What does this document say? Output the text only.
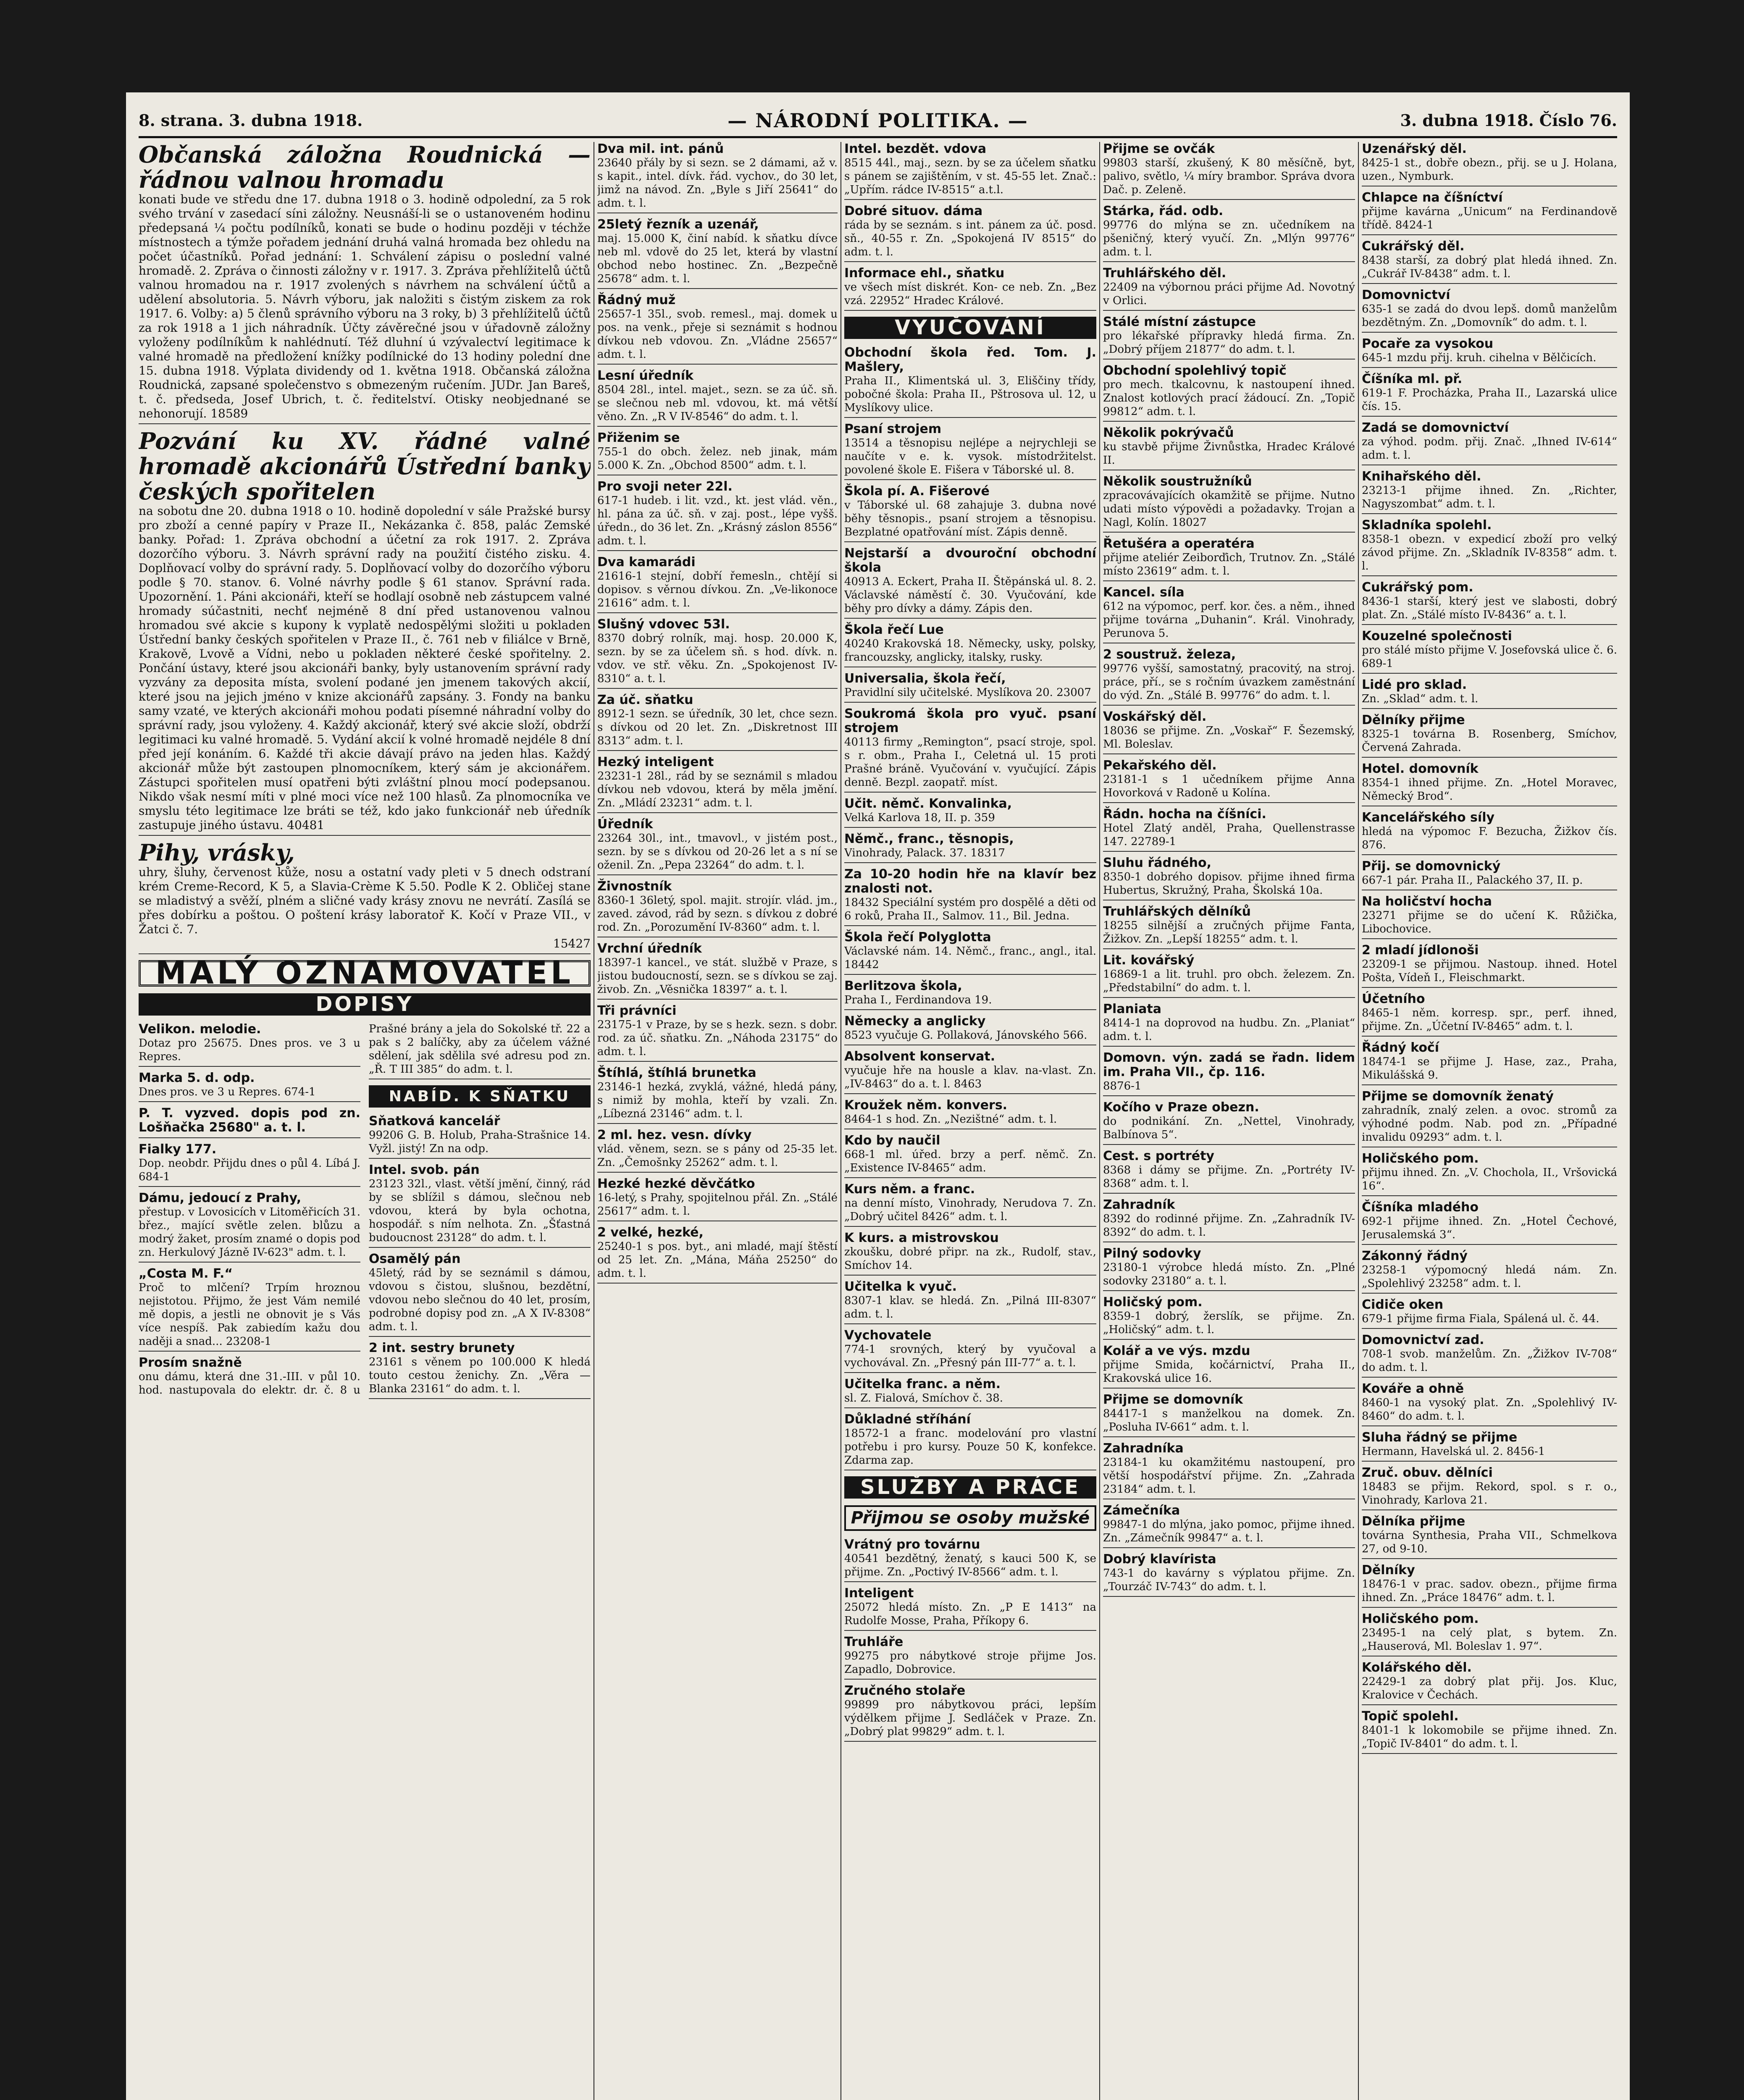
8. strana. 3. dubna 1918.	— NÁRODNÍ POLITIKA. —	3. dubna 1918. Číslo 76.
Občanská záložna Roudnická — řádnou valnou hromadu
konati bude ve středu dne 17. dubna 1918 o 3. hodině odpolední, za 5 rok svého trvání v zasedací síni záložny. Neusnáší-li se o ustanoveném hodinu předepsaná ¼ počtu podílníků, konati se bude o hodinu později v téchže místnostech a týmže pořadem jednání druhá valná hromada bez ohledu na počet účastníků. Pořad jednání: 1. Schválení zápisu o poslední valné hromadě. 2. Zpráva o činnosti záložny v r. 1917. 3. Zpráva přehlížitelů účtů valnou hromadou na r. 1917 zvolených s návrhem na schválení účtů a udělení absolutoria. 5. Návrh výboru, jak naložiti s čistým ziskem za rok 1917. 6. Volby: a) 5 členů správního výboru na 3 roky, b) 3 přehlížitelů účtů za rok 1918 a 1 jich náhradník. Účty závěrečné jsou v úřadovně záložny vyloženy podílníkům k nahlédnutí. Též dluhní ú vzývalectví legitimace k valné hromadě na předložení knížky podílnické do 13 hodiny polední dne 15. dubna 1918. Výplata dividendy od 1. května 1918. Občanská záložna Roudnická, zapsané společenstvo s obmezeným ručením. JUDr. Jan Bareš, t. č. předseda, Josef Ubrich, t. č. ředitelství. Otisky neobjednané se nehonorují. 18589
Pozvání ku XV. řádné valné hromadě akcionářů Ústřední banky českých spořitelen
na sobotu dne 20. dubna 1918 o 10. hodině dopolední v sále Pražské bursy pro zboží a cenné papíry v Praze II., Nekázanka č. 858, palác Zemské banky. Pořad: 1. Zpráva obchodní a účetní za rok 1917. 2. Zpráva dozorčího výboru. 3. Návrh správní rady na použití čistého zisku. 4. Doplňovací volby do správní rady. 5. Doplňovací volby do dozorčího výboru podle § 70. stanov. 6. Volné návrhy podle § 61 stanov. Správní rada. Upozornění. 1. Páni akcionáři, kteří se hodlají osobně neb zástupcem valné hromady súčastniti, nechť nejméně 8 dní před ustanovenou valnou hromadou své akcie s kupony k vyplatě nedospělými složiti u pokladen Ústřední banky českých spořitelen v Praze II., č. 761 neb v filiálce v Brně, Krakově, Lvově a Vídni, nebo u pokladen některé české spořitelny. 2. Pončání ústavy, které jsou akcionáři banky, byly ustanovením správní rady vyzvány za deposita místa, svolení podané jen jmenem takových akcií, které jsou na jejich jméno v knize akcionářů zapsány. 3. Fondy na banku samy vzaté, ve kterých akcionáři mohou podati písemné náhradní volby do správní rady, jsou vyloženy. 4. Každý akcionář, který své akcie složí, obdrží legitimaci ku valné hromadě. 5. Vydání akcií k volné hromadě nejdéle 8 dní před její konáním. 6. Každé tři akcie dávají právo na jeden hlas. Každý akcionář může být zastoupen plnomocníkem, který sám je akcionářem. Zástupci spořitelen musí opatřeni býti zvláštní plnou mocí podepsanou. Nikdo však nesmí míti v plné moci více než 100 hlasů. Za plnomocníka ve smyslu této legitimace lze bráti se též, kdo jako funkcionář neb úředník zastupuje jiného ústavu. 40481
Pihy, vrásky,
uhry, šluhy, červenost kůže, nosu a ostatní vady pleti v 5 dnech odstraní krém Creme-Record, K 5, a Slavia-Crème K 5.50. Podle K 2. Obličej stane se mladistvý a svěží, plném a sličné vady krásy znovu ne nevrátí. Zasílá se přes dobírku a poštou. O poštení krásy laboratoř K. Kočí v Praze VII., v Žatci č. 7.
15427
MALÝ OZNAMOVATEL
DOPISY
Velikon. melodie.
Dotaz pro 25675. Dnes pros. ve 3 u Repres.
Marka 5. d. odp.
Dnes pros. ve 3 u Repres. 674-1
P. T. vyzved. dopis pod zn. Lošňačka 25680" a. t. l.
Fialky 177.
Dop. neobdr. Přijdu dnes o půl 4. Líbá J. 684-1
Dámu, jedoucí z Prahy,
přestup. v Lovosicích v Litoměřicích 31. břez., mající světle zelen. blůzu a modrý žaket, prosím znamé o dopis pod zn. Herkulový Jázně IV-623" adm. t. l.
„Costa M. F.“
Proč to mlčení? Trpím hroznou nejistotou. Přijmo, že jest Vám nemilé mě dopis, a jestli ne obnovit je s Vás více nespíš. Pak zabiedím kažu dou naději a snad... 23208-1
Prosím snažně
onu dámu, která dne 31.-III. v půl 10. hod. nastupovala do elektr. dr. č. 8 u Prašné brány a jela do Sokolské tř. 22 a pak s 2 balíčky, aby za účelem vážné sdělení, jak sdělila své adresu pod zn. „Ř. T III 385“ do adm. t. l.
NABÍD. K SŇATKU
Sňatková kancelář
99206 G. B. Holub, Praha-Strašnice 14. Vyžl. jistý! Zn na odp.
Intel. svob. pán
23123 32l., vlast. větší jmění, činný, rád by se sblížil s dámou, slečnou neb vdovou, která by byla ochotna, hospodář. s ním nelhota. Zn. „Šťastná budoucnost 23128“ do adm. t. l.
Osamělý pán
45letý, rád by se seznámil s dámou, vdovou s čistou, slušnou, bezdětní, vdovou nebo slečnou do 40 let, prosím, podrobné dopisy pod zn. „A X IV-8308“ adm. t. l.
2 int. sestry brunety
23161 s věnem po 100.000 K hledá touto cestou ženichy. Zn. „Věra — Blanka 23161“ do adm. t. l.
Dva mil. int. pánů
23640 přály by si sezn. se 2 dámami, až v. s kapit., intel. dívk. řád. vychov., do 30 let, jimž na návod. Zn. „Byle s Jiří 25641“ do adm. t. l.
25letý řezník a uzenář,
maj. 15.000 K, činí nabíd. k sňatku dívce neb ml. vdově do 25 let, která by vlastní obchod nebo hostinec. Zn. „Bezpečně 25678“ adm. t. l.
Řádný muž
25657-1 35l., svob. remesl., maj. domek u pos. na venk., přeje si seznámit s hodnou dívkou neb vdovou. Zn. „Vládne 25657“ adm. t. l.
Lesní úředník
8504 28l., intel. majet., sezn. se za úč. sň. se slečnou neb ml. vdovou, kt. má větší věno. Zn. „R V IV-8546“ do adm. t. l.
Přiženim se
755-1 do obch. želez. neb jinak, mám 5.000 K. Zn. „Obchod 8500“ adm. t. l.
Pro svoji neter 22l.
617-1 hudeb. i lit. vzd., kt. jest vlád. věn., hl. pána za úč. sň. v zaj. post., lépe vyšš. úředn., do 36 let. Zn. „Krásný záslon 8556“ adm. t. l.
Dva kamarádi
21616-1 stejní, dobří řemesln., chtějí si dopisov. s věrnou dívkou. Zn. „Ve-likonoce 21616“ adm. t. l.
Slušný vdovec 53l.
8370 dobrý rolník, maj. hosp. 20.000 K, sezn. by se za účelem sň. s hod. dívk. n. vdov. ve stř. věku. Zn. „Spokojenost IV-8310“ a. t. l.
Za úč. sňatku
8912-1 sezn. se úředník, 30 let, chce sezn. s dívkou od 20 let. Zn. „Diskretnost III 8313“ adm. t. l.
Hezký inteligent
23231-1 28l., rád by se seznámil s mladou dívkou neb vdovou, která by měla jmění. Zn. „Mládí 23231“ adm. t. l.
Úředník
23264 30l., int., tmavovl., v jistém post., sezn. by se s dívkou od 20-26 let a s ní se oženil. Zn. „Pepa 23264“ do adm. t. l.
Živnostník
8360-1 36letý, spol. majit. strojír. vlád. jm., zaved. závod, rád by sezn. s dívkou z dobré rod. Zn. „Porozumění IV-8360“ adm. t. l.
Vrchní úředník
18397-1 kancel., ve stát. službě v Praze, s jistou budoucností, sezn. se s dívkou se zaj. živob. Zn. „Věsnička 18397“ a. t. l.
Tři právníci
23175-1 v Praze, by se s hezk. sezn. s dobr. rod. za úč. sňatku. Zn. „Náhoda 23175“ do adm. t. l.
Štíhlá, štíhlá brunetka
23146-1 hezká, zvyklá, vážné, hledá pány, s nimiž by mohla, kteří by vzali. Zn. „Líbezná 23146“ adm. t. l.
2 ml. hez. vesn. dívky
vlád. věnem, sezn. se s pány od 25-35 let. Zn. „Čemošnky 25262“ adm. t. l.
Hezké hezké děvčátko
16-letý, s Prahy, spojitelnou přál. Zn. „Stálé 25617“ adm. t. l.
2 velké, hezké,
25240-1 s pos. byt., ani mladé, mají štěstí od 25 let. Zn. „Mána, Máňa 25250“ do adm. t. l.
Intel. bezdět. vdova
8515 44l., maj., sezn. by se za účelem sňatku s pánem se zajištěním, v st. 45-55 let. Znač.: „Upřím. rádce IV-8515“ a.t.l.
Dobré situov. dáma
ráda by se seznám. s int. pánem za úč. posd. sň., 40-55 r. Zn. „Spokojená IV 8515“ do adm. t. l.
Informace ehl., sňatku
ve všech míst diskrét. Kon- ce neb. Zn. „Bez vzá. 22952“ Hradec Králové.
VYUČOVÁNÍ
Obchodní škola řed. Tom. J. Mašlery,
Praha II., Klimentská ul. 3, Eliščiny třídy, pobočné škola: Praha II., Pštrosova ul. 12, u Myslíkovy ulice.
Psaní strojem
13514 a těsnopisu nejlépe a nejrychleji se naučíte v e. k. vysok. místodržitelst. povolené škole E. Fišera v Táborské ul. 8.
Škola pí. A. Fišerové
v Táborské ul. 68 zahajuje 3. dubna nové běhy těsnopis., psaní strojem a těsnopisu. Bezplatné opatřování míst. Zápis denně.
Nejstarší a dvouroční obchodní škola
40913 A. Eckert, Praha II. Štěpánská ul. 8. 2. Václavské náměstí č. 30. Vyučování, kde běhy pro dívky a dámy. Zápis den.
Škola řečí Lue
40240 Krakovská 18. Německy, usky, polsky, francouzsky, anglicky, italsky, rusky.
Universalia, škola řečí,
Pravidlní sily učitelské. Myslíkova 20. 23007
Soukromá škola pro vyuč. psaní strojem
40113 firmy „Remington“, psací stroje, spol. s r. obm., Praha I., Celetná ul. 15 proti Prašné bráně. Vyučování v. vyučující. Zápis denně. Bezpl. zaopatř. míst.
Učit. němč. Konvalinka,
Velká Karlova 18, II. p. 359
Němč., franc., těsnopis,
Vinohrady, Palack. 37. 18317
Za 10-20 hodin hře na klavír bez znalosti not.
18432 Speciální systém pro dospělé a děti od 6 roků, Praha II., Salmov. 11., Bil. Jedna.
Škola řečí Polyglotta
Václavské nám. 14. Němč., franc., angl., ital. 18442
Berlitzova škola,
Praha I., Ferdinandova 19.
Německy a anglicky
8523 vyučuje G. Pollaková, Jánovského 566.
Absolvent konservat.
vyučuje hře na housle a klav. na-vlast. Zn. „IV-8463“ do a. t. l. 8463
Kroužek něm. konvers.
8464-1 s hod. Zn. „Nezištné“ adm. t. l.
Kdo by naučil
668-1 ml. úřed. brzy a perf. němč. Zn. „Existence IV-8465“ adm.
Kurs něm. a franc.
na denní místo, Vinohrady, Nerudova 7. Zn. „Dobrý učitel 8426“ adm. t. l.
K kurs. a mistrovskou
zkoušku, dobré připr. na zk., Rudolf, stav., Smíchov 14.
Učitelka k vyuč.
8307-1 klav. se hledá. Zn. „Pilná III-8307“ adm. t. l.
Vychovatele
774-1 srovných, který by vyučoval a vychovával. Zn. „Přesný pán III-77“ a. t. l.
Učitelka franc. a něm.
sl. Z. Fialová, Smíchov č. 38.
Důkladné stříhání
18572-1 a franc. modelování pro vlastní potřebu i pro kursy. Pouze 50 K, konfekce. Zdarma zap.
SLUŽBY A PRÁCE
Přijmou se osoby mužské
Vrátný pro továrnu
40541 bezdětný, ženatý, s kauci 500 K, se přijme. Zn. „Poctivý IV-8566“ adm. t. l.
Inteligent
25072 hledá místo. Zn. „P E 1413“ na Rudolfe Mosse, Praha, Příkopy 6.
Truhláře
99275 pro nábytkové stroje přijme Jos. Zapadlo, Dobrovice.
Zručného stolaře
99899 pro nábytkovou práci, lepším výdělkem přijme J. Sedláček v Praze. Zn. „Dobrý plat 99829“ adm. t. l.
Přijme se ovčák
99803 starší, zkušený, K 80 měsíčně, byt, palivo, světlo, ¼ míry brambor. Správa dvora Dač. p. Zeleně.
Stárka, řád. odb.
99776 do mlýna se zn. učedníkem na pšeničný, který vyučí. Zn. „Mlýn 99776“ adm. t. l.
Truhlářského děl.
22409 na výbornou práci přijme Ad. Novotný v Orlici.
Stálé místní zástupce
pro lékařské přípravky hledá firma. Zn. „Dobrý příjem 21877“ do adm. t. l.
Obchodní spolehlivý topič
pro mech. tkalcovnu, k nastoupení ihned. Znalost kotlových prací žádoucí. Zn. „Topič 99812“ adm. t. l.
Několik pokrývačů
ku stavbě přijme Živnůstka, Hradec Králové II.
Několik soustružníků
zpracovávajících okamžitě se přijme. Nutno udati místo výpovědi a požadavky. Trojan a Nagl, Kolín. 18027
Řetušéra a operatéra
přijme ateliér Zeiborďich, Trutnov. Zn. „Stálé místo 23619“ adm. t. l.
Kancel. síla
612 na výpomoc, perf. kor. čes. a něm., ihned přijme továrna „Duhanin“. Král. Vinohrady, Perunova 5.
2 soustruž. železa,
99776 vyšší, samostatný, pracovitý, na stroj. práce, pří., se s ročním úvazkem zaměstnání do výd. Zn. „Stálé B. 99776“ do adm. t. l.
Voskářský děl.
18036 se přijme. Zn. „Voskař“ F. Šezemský, Ml. Boleslav.
Pekařského děl.
23181-1 s 1 učedníkem přijme Anna Hovorková v Radoně u Kolína.
Řádn. hocha na číšníci.
Hotel Zlatý anděl, Praha, Quellenstrasse 147. 22789-1
Sluhu řádného,
8350-1 dobrého dopisov. přijme ihned firma Hubertus, Skružný, Praha, Školská 10a.
Truhlářských dělníků
18255 silnější a zručných přijme Fanta, Žižkov. Zn. „Lepší 18255“ adm. t. l.
Lit. kovářský
16869-1 a lit. truhl. pro obch. železem. Zn. „Předstabilní“ do adm. t. l.
Planiata
8414-1 na doprovod na hudbu. Zn. „Planiat“ adm. t. l.
Domovn. výn. zadá se řadn. lidem im. Praha VII., čp. 116.
8876-1
Kočího v Praze obezn.
do podnikání. Zn. „Nettel, Vinohrady, Balbínova 5“.
Cest. s portréty
8368 i dámy se přijme. Zn. „Portréty IV-8368“ adm. t. l.
Zahradník
8392 do rodinné přijme. Zn. „Zahradník IV-8392“ do adm. t. l.
Pilný sodovky
23180-1 výrobce hledá místo. Zn. „Plné sodovky 23180“ a. t. l.
Holičský pom.
8359-1 dobrý, žerslík, se přijme. Zn. „Holičský“ adm. t. l.
Kolář a ve výs. mzdu
přijme Smida, kočárnictví, Praha II., Krakovská ulice 16.
Přijme se domovník
84417-1 s manželkou na domek. Zn. „Posluha IV-661“ adm. t. l.
Zahradníka
23184-1 ku okamžitému nastoupení, pro větší hospodářství přijme. Zn. „Zahrada 23184“ adm. t. l.
Zámečníka
99847-1 do mlýna, jako pomoc, přijme ihned. Zn. „Zámečník 99847“ a. t. l.
Dobrý klavírista
743-1 do kavárny s výplatou přijme. Zn. „Tourzáč IV-743“ do adm. t. l.
Uzenářský děl.
8425-1 st., dobře obezn., přij. se u J. Holana, uzen., Nymburk.
Chlapce na číšníctví
přijme kavárna „Unicum“ na Ferdinandově třídě. 8424-1
Cukrářský děl.
8438 starší, za dobrý plat hledá ihned. Zn. „Cukrář IV-8438“ adm. t. l.
Domovnictví
635-1 se zadá do dvou lepš. domů manželům bezdětným. Zn. „Domovník“ do adm. t. l.
Pocaře za vysokou
645-1 mzdu přij. kruh. cihelna v Bělčicích.
Číšníka ml. př.
619-1 F. Procházka, Praha II., Lazarská ulice čís. 15.
Zadá se domovnictví
za výhod. podm. přij. Znač. „Ihned IV-614“ adm. t. l.
Knihařského děl.
23213-1 přijme ihned. Zn. „Richter, Nagyszombat“ adm. t. l.
Skladníka spolehl.
8358-1 obezn. v expedicí zboží pro velký závod přijme. Zn. „Skladník IV-8358“ adm. t. l.
Cukrářský pom.
8436-1 starší, který jest ve slabosti, dobrý plat. Zn. „Stálé místo IV-8436“ a. t. l.
Kouzelné společnosti
pro stálé místo přijme V. Josefovská ulice č. 6. 689-1
Lidé pro sklad.
Zn. „Sklad“ adm. t. l.
Dělníky přijme
8325-1 továrna B. Rosenberg, Smíchov, Červená Zahrada.
Hotel. domovník
8354-1 ihned přijme. Zn. „Hotel Moravec, Německý Brod“.
Kancelářského síly
hledá na výpomoc F. Bezucha, Žižkov čís. 876.
Přij. se domovnický
667-1 pár. Praha II., Palackého 37, II. p.
Na holičství hocha
23271 přijme se do učení K. Růžička, Libochovice.
2 mladí jídlonoši
23209-1 se přijmou. Nastoup. ihned. Hotel Pošta, Vídeň I., Fleischmarkt.
Účetního
8465-1 něm. korresp. spr., perf. ihned, přijme. Zn. „Účetní IV-8465“ adm. t. l.
Řádný kočí
18474-1 se přijme J. Hase, zaz., Praha, Mikulášská 9.
Přijme se domovník ženatý
zahradník, znalý zelen. a ovoc. stromů za výhodné podm. Nab. pod zn. „Případné invalidu 09293“ adm. t. l.
Holičského pom.
přijmu ihned. Zn. „V. Chochola, II., Vršovická 16“.
Číšníka mladého
692-1 přijme ihned. Zn. „Hotel Čechové, Jerusalemská 3“.
Zákonný řádný
23258-1 výpomocný hledá nám. Zn. „Spolehlivý 23258“ adm. t. l.
Cidiče oken
679-1 přijme firma Fiala, Spálená ul. č. 44.
Domovnictví zad.
708-1 svob. manželům. Zn. „Žižkov IV-708“ do adm. t. l.
Kováře a ohně
8460-1 na vysoký plat. Zn. „Spolehlivý IV-8460“ do adm. t. l.
Sluha řádný se přijme
Hermann, Havelská ul. 2. 8456-1
Zruč. obuv. dělníci
18483 se přijm. Rekord, spol. s r. o., Vinohrady, Karlova 21.
Dělníka přijme
továrna Synthesia, Praha VII., Schmelkova 27, od 9-10.
Dělníky
18476-1 v prac. sadov. obezn., přijme firma ihned. Zn. „Práce 18476“ adm. t. l.
Holičského pom.
23495-1 na celý plat, s bytem. Zn. „Hauserová, Ml. Boleslav 1. 97“.
Kolářského děl.
22429-1 za dobrý plat přij. Jos. Kluc, Kralovice v Čechách.
Topič spolehl.
8401-1 k lokomobile se přijme ihned. Zn. „Topič IV-8401“ do adm. t. l.
